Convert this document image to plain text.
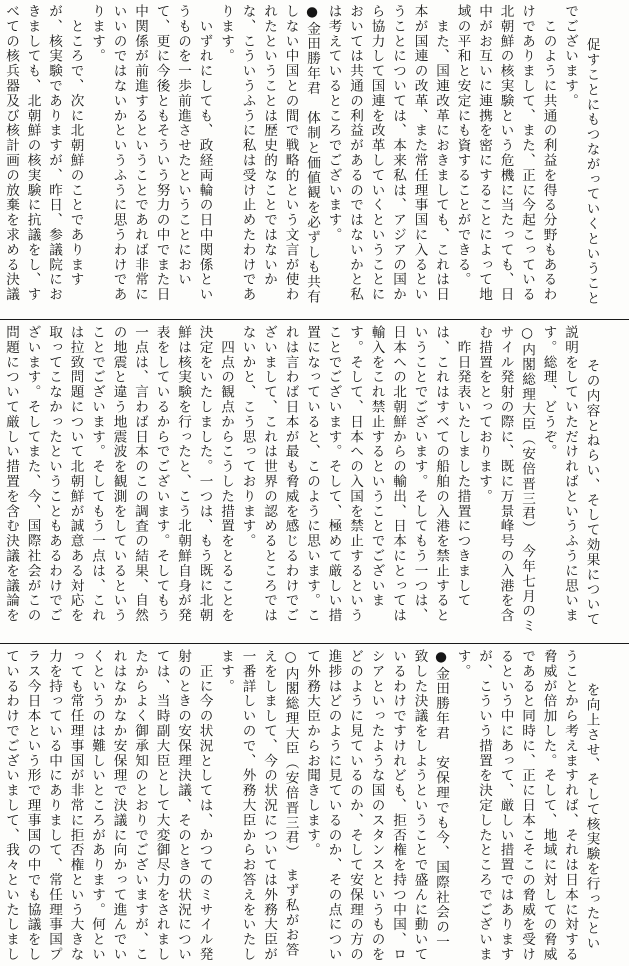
促すことにもつながっていくということでございます。
　このように共通の利益を得る分野もあるわけでありまして、また、正に今起こっている北朝鮮の核実験という危機に当たっても、日中がお互いに連携を密にすることによって地域の平和と安定にも資することができる。
　また、国連改革におきましても、これは日本が国連の改革、また常任理事国に入るということについては、本来私は、アジアの国から協力して国連を改革していくということにおいては共通の利益があるのではないかと私は考えているところでございます。
●金田勝年君　体制と価値観を必ずしも共有しない中国との間で戦略的という文言が使われたということは歴史的なことではないかな、こういうふうに私は受け止めたわけであります。
　いずれにしても、政経両輪の日中関係というものを一歩前進させたということにおいて、更に今後ともそういう努力の中でまた日中関係が前進するということであれば非常にいいのではないかというふうに思うわけであります。
　ところで、次に北朝鮮のことでありますが、核実験でありますが、昨日、参議院におきましても、北朝鮮の核実験に抗議をし、すべての核兵器及び核計画の放棄を求める決議

その内容とねらい、そして効果について説明をしていただければというふうに思います。総理、どうぞ。
○内閣総理大臣（安倍晋三君）　今年七月のミサイル発射の際に、既に万景峰号の入港を含む措置をとっております。
　昨日発表いたしました措置につきましては、これはすべての船舶の入港を禁止するということでございます。そしてもう一つは、日本への北朝鮮からの輸出、日本にとっては輸入をこれ禁止するということでございます。そして、日本への入国を禁止するということでございます。そして、極めて厳しい措置になっていると、このように思います。これは言わば日本が最も脅威を感じるわけでございまして、これは世界の認めるところではないかと、こう思っております。
　四点の観点からこうした措置をとることを決定をいたしました。一つは、もう既に北朝鮮は核実験を行ったと、こう北朝鮮自身が発表をしているからでございます。そしてもう一点は、言わば日本のこの調査の結果、自然の地震と違う地震波を観測をしているということでございます。そしてもう一点は、これは拉致問題について北朝鮮が誠意ある対応を取ってこなかったということもあるわけでございます。そしてまた、今、国際社会がこの問題について厳しい措置を含む決議を議論を

を向上させ、そして核実験を行ったということから考えますれば、それは日本に対する脅威が倍加した。そして、地域に対しての脅威であると同時に、正に日本こそこの脅威を受けるという中にあって、厳しい措置ではありますが、こういう措置を決定したところでございます。
●金田勝年君　安保理でも今、国際社会の一致した決議をしようということで盛んに動いているわけですけれども、拒否権を持つ中国、ロシアといったような国のスタンスというものをどのように見ているのか、そして安保理の方の進捗はどのように見ているのか、その点について外務大臣からお聞きします。
○内閣総理大臣（安倍晋三君）　まず私がお答えをしまして、今の状況については外務大臣が一番詳しいので、外務大臣からお答えをいたします。
　正に今の状況としては、かつてのミサイル発射のときの安保理決議、そのときの状況については、当時副大臣として大変御尽力をされましたからよく御承知のとおりでございますが、これはなかなか安保理で決議に向かって進んでいくというのは難しいところがあります。何といっても常任理事国が非常に拒否権という大きな力を持っている中にありまして、常任理事国プラス今日本という形で理事国の中でも協議をしているわけでございまして、我々といたしまし
